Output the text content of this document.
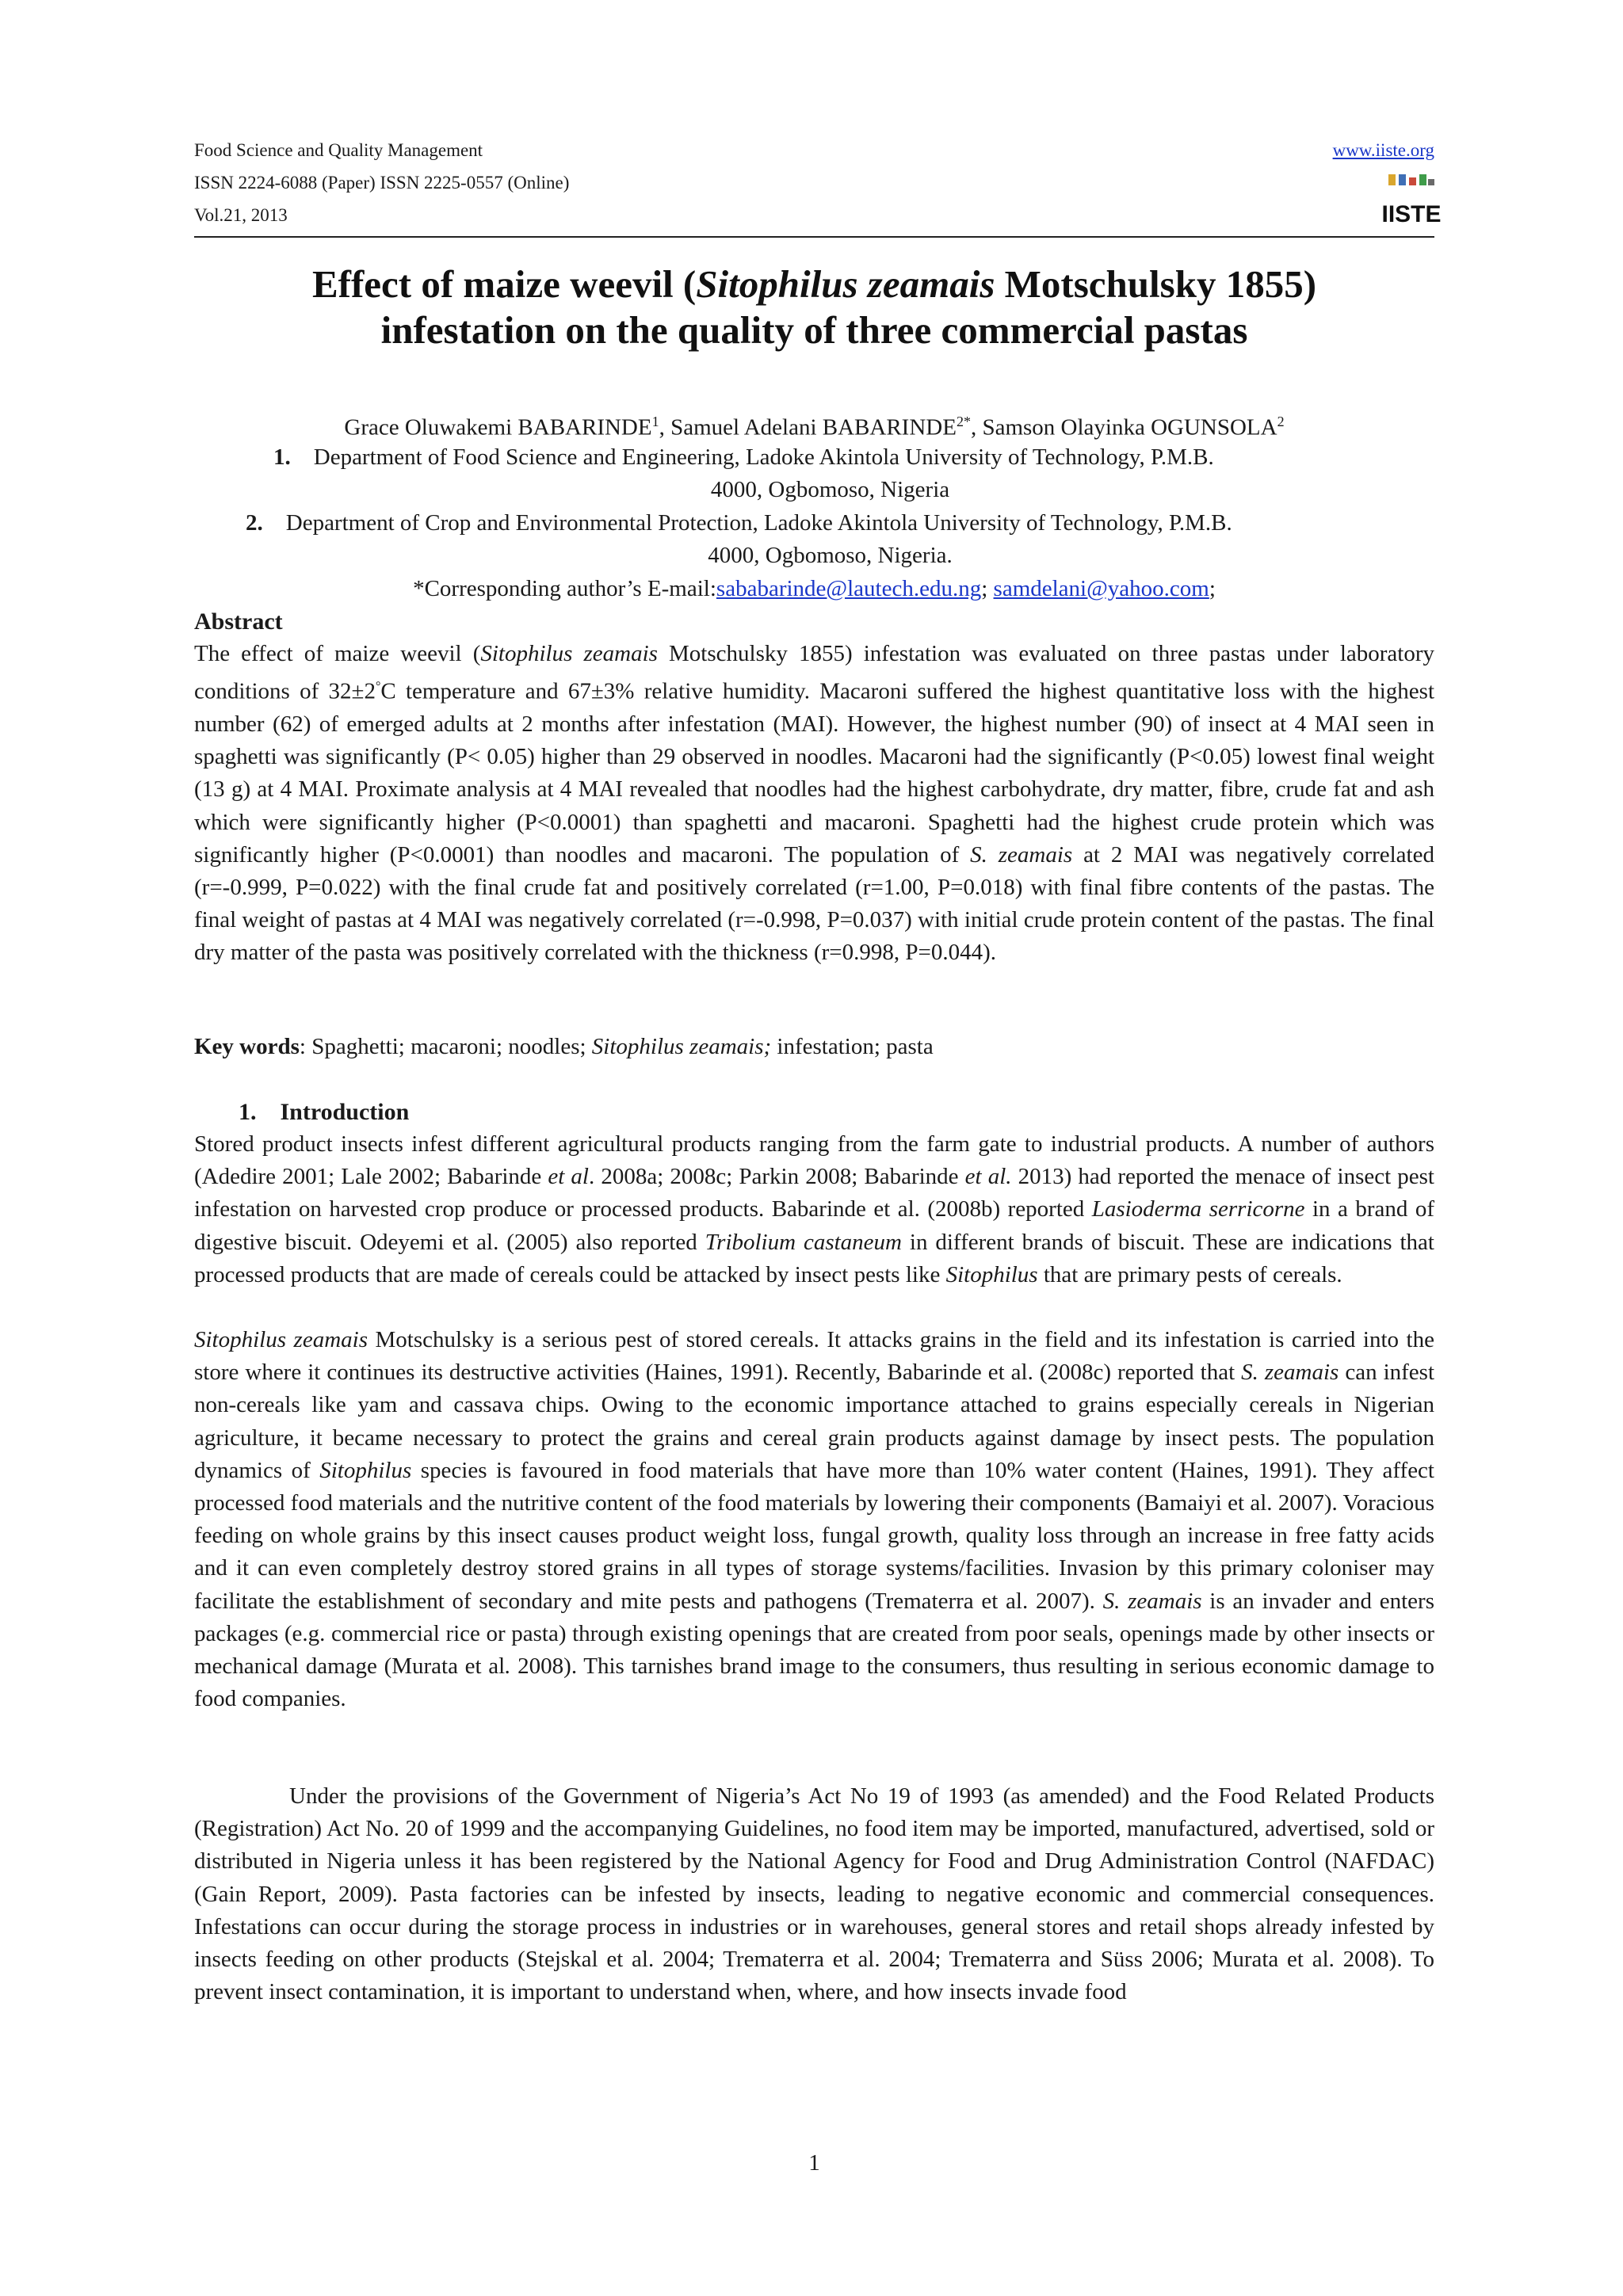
Food Science and Quality Management	www.iiste.org
ISSN 2224-6088 (Paper) ISSN 2225-0557 (Online)
Vol.21, 2013	IISTE
Effect of maize weevil (Sitophilus zeamais Motschulsky 1855)
infestation on the quality of three commercial pastas
Grace Oluwakemi BABARINDE$^1$, Samuel Adelani $BABARINDE^{2*}$, Samson Olayinka OGUNSOLA$^2$
1. Department of Food Science and Engineering, Ladoke Akintola University of Technology, P.M.B.
4000, Ogbomoso, Nigeria
2. Department of Crop and Environmental Protection, Ladoke Akintola University of Technology, P.M.B.
4000, Ogbomoso, Nigeria.
*Corresponding author’s E-mail:sababarinde@lautech.edu.ng; samdelani@yahoo.com;
Abstract
The effect of maize weevil (Sitophilus zeamais Motschulsky 1855) infestation was evaluated on three pastas under laboratory conditions of 32±2°C temperature and 67±3% relative humidity. Macaroni suffered the highest quantitative loss with the highest number (62) of emerged adults at 2 months after infestation (MAI). However, the highest number (90) of insect at 4 MAI seen in spaghetti was significantly (P< 0.05) higher than 29 observed in noodles. Macaroni had the significantly (P<0.05) lowest final weight (13 g) at 4 MAI. Proximate analysis at 4 MAI revealed that noodles had the highest carbohydrate, dry matter, fibre, crude fat and ash which were significantly higher (P<0.0001) than spaghetti and macaroni. Spaghetti had the highest crude protein which was significantly higher (P<0.0001) than noodles and macaroni. The population of S. zeamais at 2 MAI was negatively correlated (r=-0.999, P=0.022) with the final crude fat and positively correlated (r=1.00, P=0.018) with final fibre contents of the pastas. The final weight of pastas at 4 MAI was negatively correlated (r=-0.998, P=0.037) with initial crude protein content of the pastas. The final dry matter of the pasta was positively correlated with the thickness (r=0.998, P=0.044).
Key words: Spaghetti; macaroni; noodles; Sitophilus zeamais; infestation; pasta
1.    Introduction
Stored product insects infest different agricultural products ranging from the farm gate to industrial products. A number of authors (Adedire 2001; Lale 2002; Babarinde et al. 2008a; 2008c; Parkin 2008; Babarinde et al. 2013) had reported the menace of insect pest infestation on harvested crop produce or processed products. Babarinde et al. (2008b) reported Lasioderma serricorne in a brand of digestive biscuit. Odeyemi et al. (2005) also reported Tribolium castaneum in different brands of biscuit. These are indications that processed products that are made of cereals could be attacked by insect pests like Sitophilus that are primary pests of cereals.
Sitophilus zeamais Motschulsky is a serious pest of stored cereals. It attacks grains in the field and its infestation is carried into the store where it continues its destructive activities (Haines, 1991). Recently, Babarinde et al. (2008c) reported that S. zeamais can infest non-cereals like yam and cassava chips. Owing to the economic importance attached to grains especially cereals in Nigerian agriculture, it became necessary to protect the grains and cereal grain products against damage by insect pests. The population dynamics of Sitophilus species is favoured in food materials that have more than 10% water content (Haines, 1991). They affect processed food materials and the nutritive content of the food materials by lowering their components (Bamaiyi et al. 2007). Voracious feeding on whole grains by this insect causes product weight loss, fungal growth, quality loss through an increase in free fatty acids and it can even completely destroy stored grains in all types of storage systems/facilities. Invasion by this primary coloniser may facilitate the establishment of secondary and mite pests and pathogens (Trematerra et al. 2007). S. zeamais is an invader and enters packages (e.g. commercial rice or pasta) through existing openings that are created from poor seals, openings made by other insects or mechanical damage (Murata et al. 2008). This tarnishes brand image to the consumers, thus resulting in serious economic damage to food companies.
Under the provisions of the Government of Nigeria’s Act No 19 of 1993 (as amended) and the Food Related Products (Registration) Act No. 20 of 1999 and the accompanying Guidelines, no food item may be imported, manufactured, advertised, sold or distributed in Nigeria unless it has been registered by the National Agency for Food and Drug Administration Control (NAFDAC) (Gain Report, 2009). Pasta factories can be infested by insects, leading to negative economic and commercial consequences. Infestations can occur during the storage process in industries or in warehouses, general stores and retail shops already infested by insects feeding on other products (Stejskal et al. 2004; Trematerra et al. 2004; Trematerra and Süss 2006; Murata et al. 2008). To prevent insect contamination, it is important to understand when, where, and how insects invade food
1
